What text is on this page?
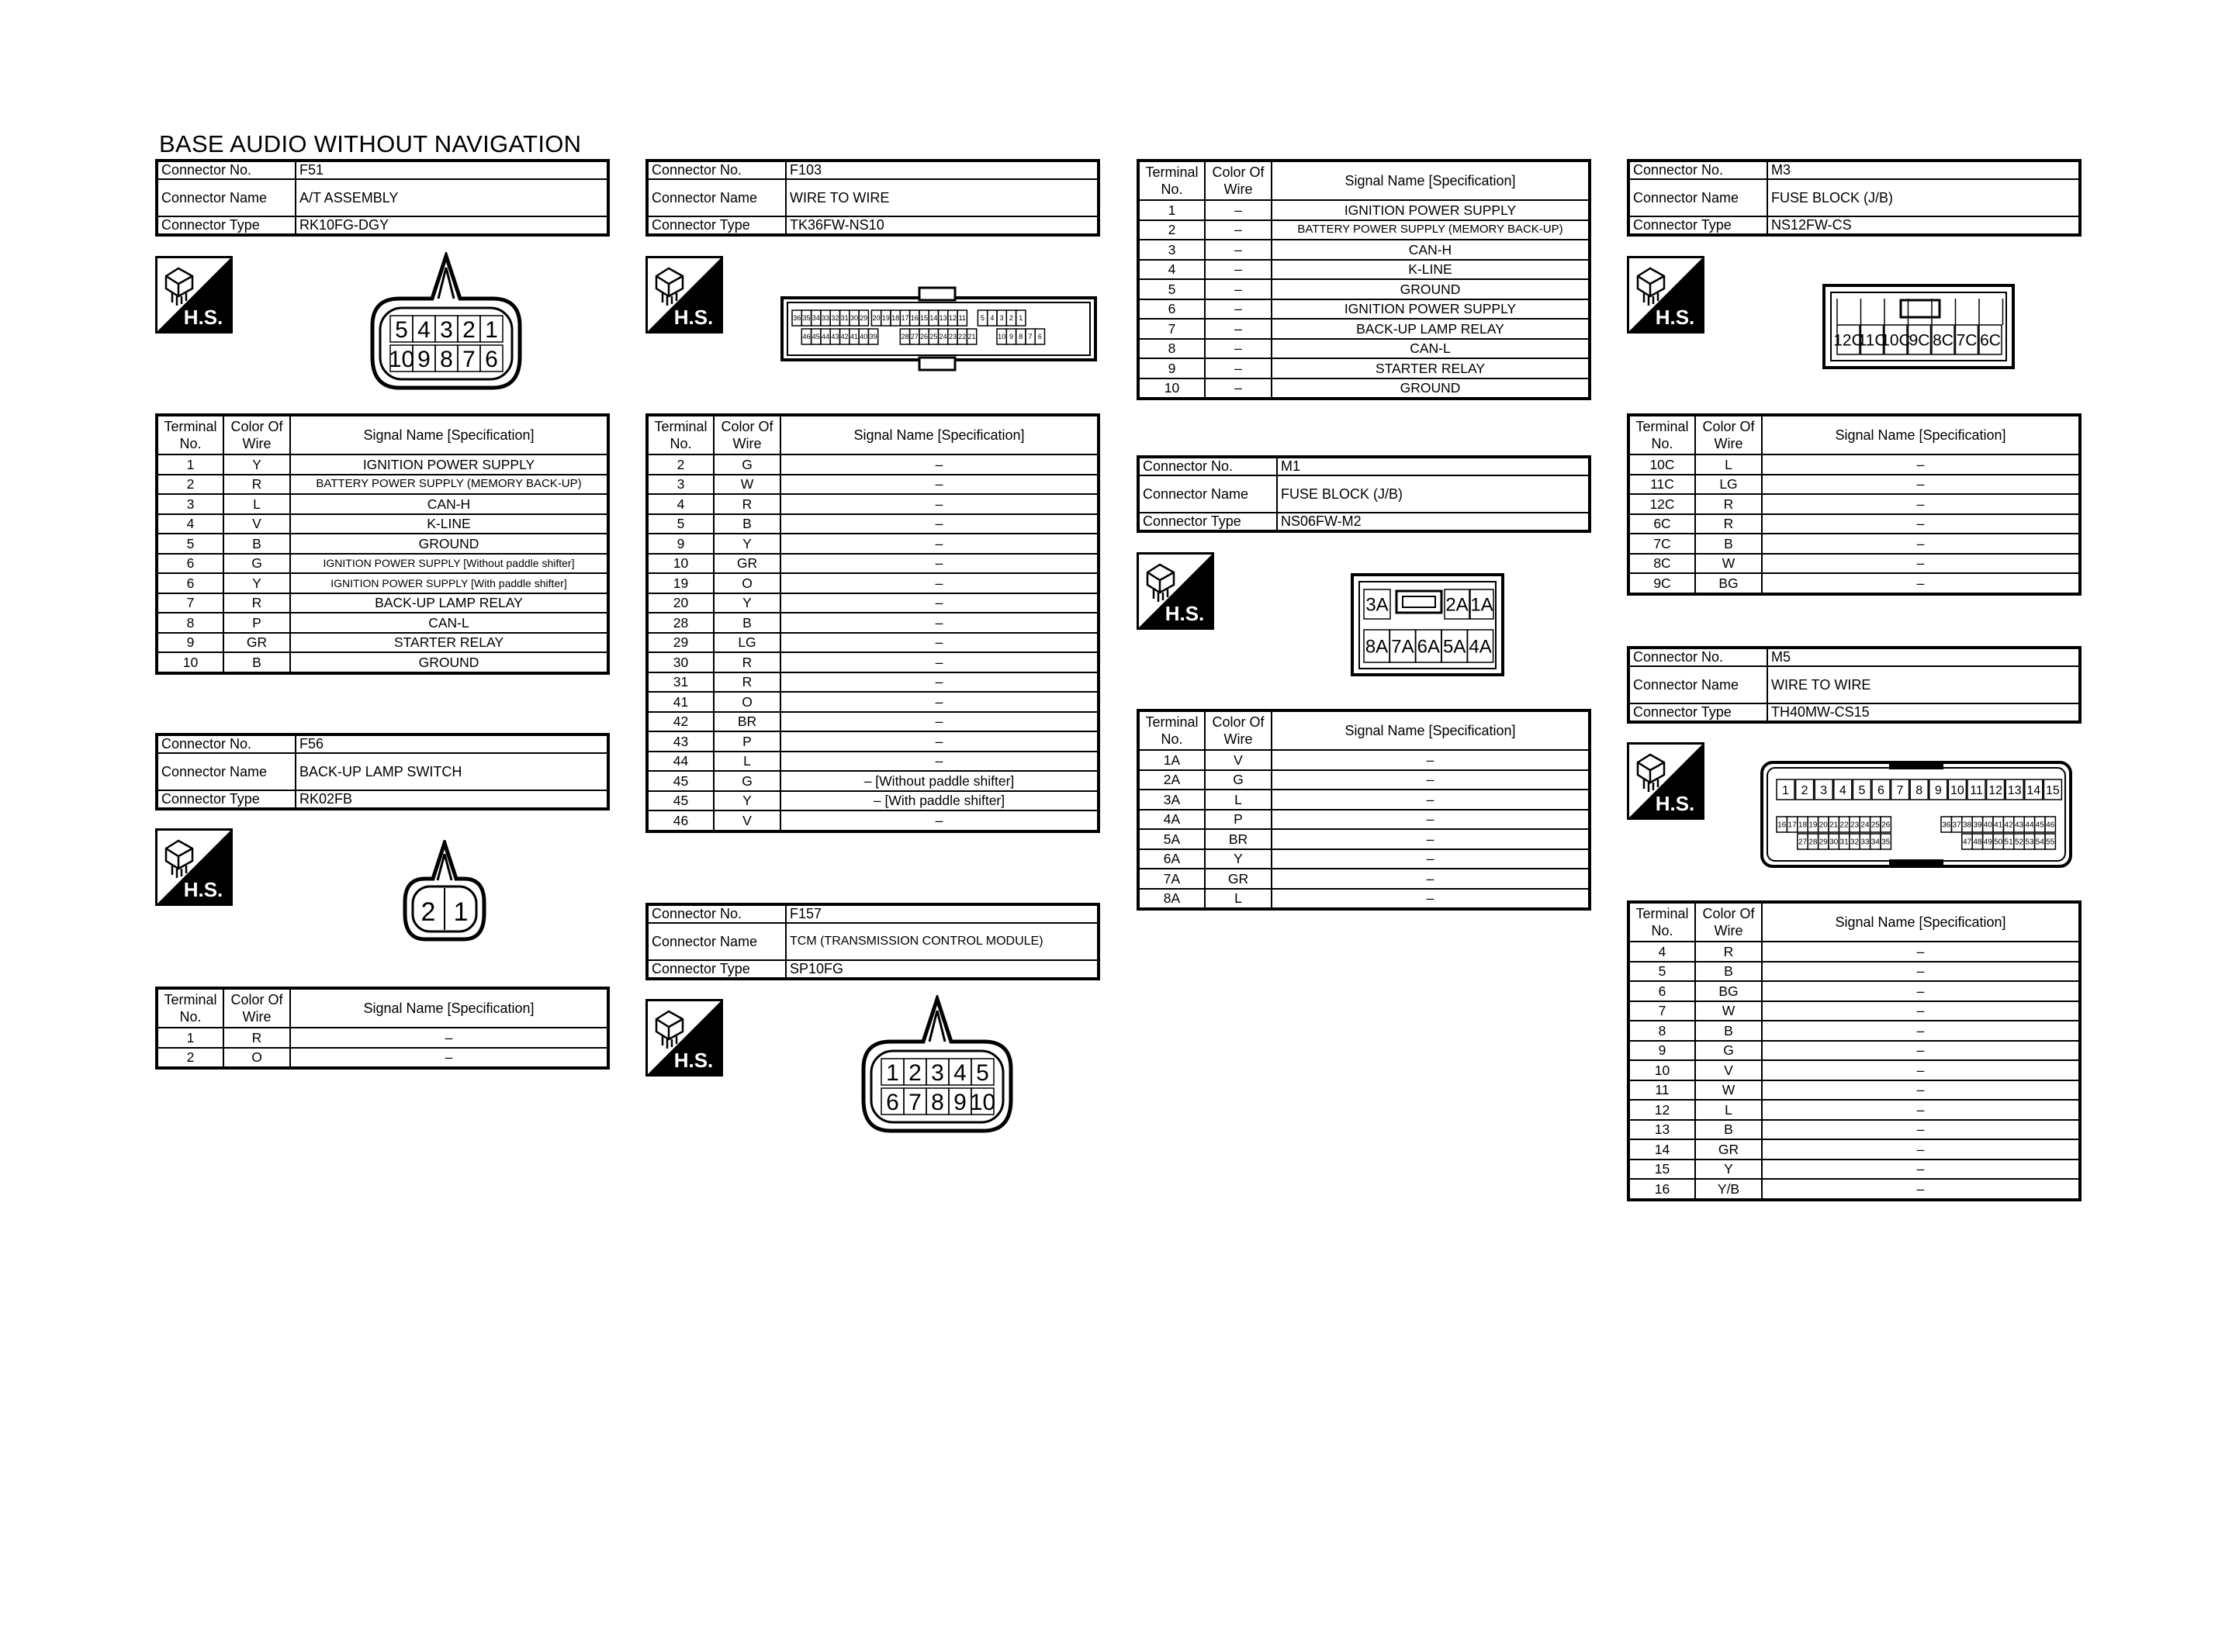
BASE AUDIO WITHOUT NAVIGATION
Connector No.	F51
Connector Name	A/T ASSEMBLY
Connector Type	RK10FG-DGY
H.S.	5 4 3 2 1
10 9 8 7 6
Terminal No.	Color Of Wire	Signal Name [Specification]
1	Y	IGNITION POWER SUPPLY
2	R	BATTERY POWER SUPPLY (MEMORY BACK-UP)
3	L	CAN-H
4	V	K-LINE
5	B	GROUND
6	G	IGNITION POWER SUPPLY [Without paddle shifter]
6	Y	IGNITION POWER SUPPLY [With paddle shifter]
7	R	BACK-UP LAMP RELAY
8	P	CAN-L
9	GR	STARTER RELAY
10	B	GROUND
Connector No.	F56
Connector Name	BACK-UP LAMP SWITCH
Connector Type	RK02FB
H.S.
2 1
Terminal No.	Color Of Wire	Signal Name [Specification]
1	R	–
2	O	–
Connector No.	F103
Connector Name	WIRE TO WIRE
Connector Type	TK36FW-NS10
H.S.	36 35 34 33 32 31 30 29 20 19 18 17 16 15 14 13 12 11 5 4 3 2 1
46 45 44 43 42 41 40 39	28 27 26 25 24 23 22 21	10 9 8 7 6
Terminal No.	Color Of Wire	Signal Name [Specification]
2	G	–
3	W	–
4	R	–
5	B	–
9	Y	–
10	GR	–
19	O	–
20	Y	–
28	B	–
29	LG	–
30	R	–
31	R	–
41	O	–
42	BR	–
43	P	–
44	L	–
45	G	– [Without paddle shifter]
45	Y	– [With paddle shifter]
46	V	–
Connector No.	F157
Connector Name	TCM (TRANSMISSION CONTROL MODULE)
Connector Type	SP10FG
H.S.	1 2 3 4 5
6 7 8 9 10
Terminal No.	Color Of Wire	Signal Name [Specification]
1	–	IGNITION POWER SUPPLY
2	–	BATTERY POWER SUPPLY (MEMORY BACK-UP)
3	–	CAN-H
4	–	K-LINE
5	–	GROUND
6	–	IGNITION POWER SUPPLY
7	–	BACK-UP LAMP RELAY
8	–	CAN-L
9	–	STARTER RELAY
10	–	GROUND
Connector No.	M1
Connector Name	FUSE BLOCK (J/B)
Connector Type	NS06FW-M2
H.S.	3A	2A 1A
8A 7A 6A 5A 4A
Terminal No.	Color Of Wire	Signal Name [Specification]
1A	V	–
2A	G	–
3A	L	–
4A	P	–
5A	BR	–
6A	Y	–
7A	GR	–
8A	L	–
Connector No.	M3
Connector Name	FUSE BLOCK (J/B)
Connector Type	NS12FW-CS
H.S.
12C
11C
10C
9C 8C 7C 6C
Terminal No.	Color Of Wire	Signal Name [Specification]
10C	L	–
11C	LG	–
12C	R	–
6C	R	–
7C	B	–
8C	W	–
9C	BG	–
Connector No.	M5
Connector Name	WIRE TO WIRE
Connector Type	TH40MW-CS15
H.S.
1 2 3 4 5 6 7 8 9 10 11 12 13 14 15
16 17 18 19 20 21 22 23 24 25 26	36 37 38 39 40 41 42 43 44 45 46
27 28 29 30 31 32 33 34 35	47 48 49 50 51 52 53 54 55
Terminal No.	Color Of Wire	Signal Name [Specification]
4	R	–
5	B	–
6	BG	–
7	W	–
8	B	–
9	G	–
10	V	–
11	W	–
12	L	–
13	B	–
14	GR	–
15	Y	–
16	Y/B	–
